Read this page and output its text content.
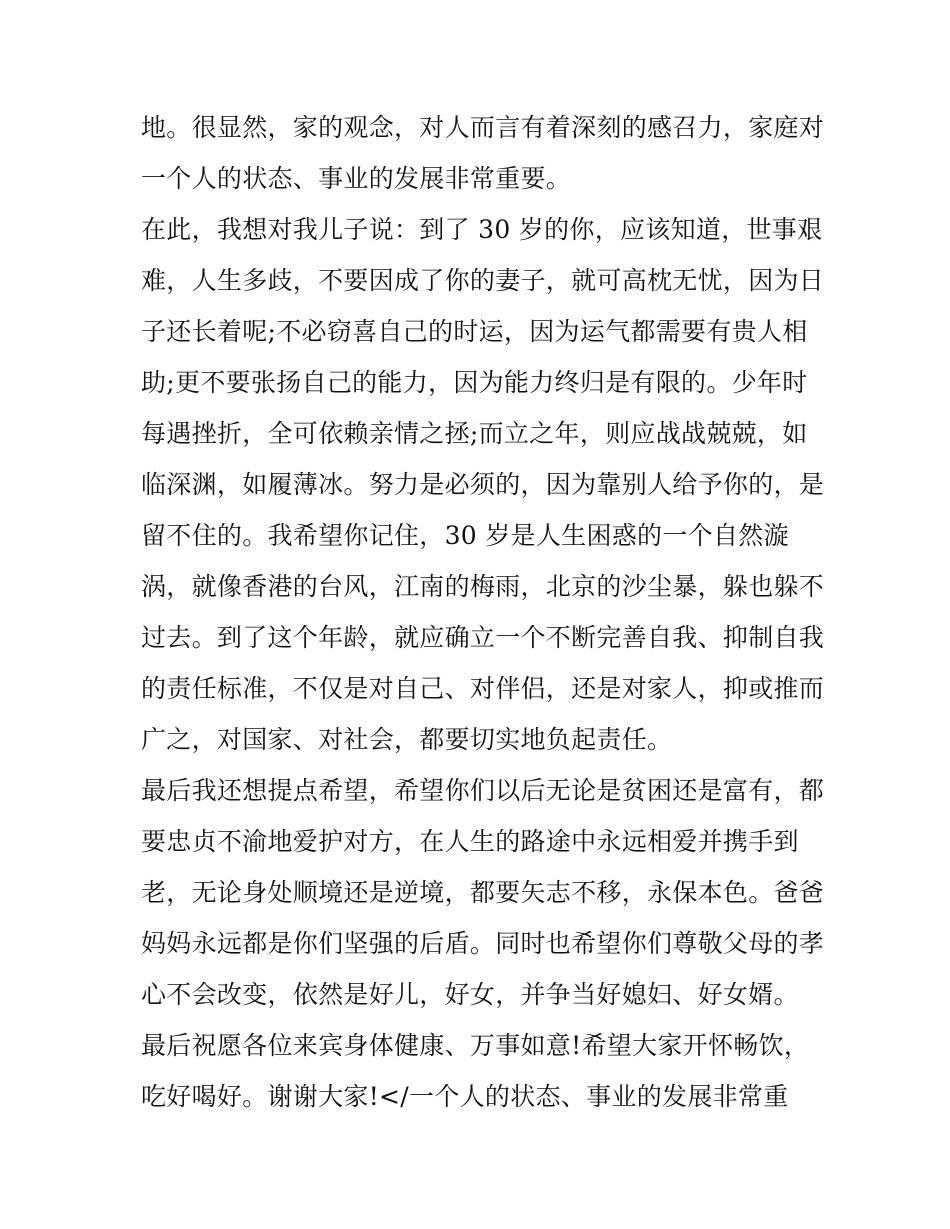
地。很显然，家的观念，对人而言有着深刻的感召力，家庭对
一个人的状态、事业的发展非常重要。
在此，我想对我儿子说：到了 30 岁的你，应该知道，世事艰
难，人生多歧，不要因成了你的妻子，就可高枕无忧，因为日
子还长着呢;不必窃喜自己的时运，因为运气都需要有贵人相
助;更不要张扬自己的能力，因为能力终归是有限的。少年时
每遇挫折，全可依赖亲情之拯;而立之年，则应战战兢兢，如
临深渊，如履薄冰。努力是必须的，因为靠别人给予你的，是
留不住的。我希望你记住，30 岁是人生困惑的一个自然漩
涡，就像香港的台风，江南的梅雨，北京的沙尘暴，躲也躲不
过去。到了这个年龄，就应确立一个不断完善自我、抑制自我
的责任标准，不仅是对自己、对伴侣，还是对家人，抑或推而
广之，对国家、对社会，都要切实地负起责任。
最后我还想提点希望，希望你们以后无论是贫困还是富有，都
要忠贞不渝地爱护对方，在人生的路途中永远相爱并携手到
老，无论身处顺境还是逆境，都要矢志不移，永保本色。爸爸
妈妈永远都是你们坚强的后盾。同时也希望你们尊敬父母的孝
心不会改变，依然是好儿，好女，并争当好媳妇、好女婿。
最后祝愿各位来宾身体健康、万事如意!希望大家开怀畅饮，
吃好喝好。谢谢大家!</一个人的状态、事业的发展非常重
